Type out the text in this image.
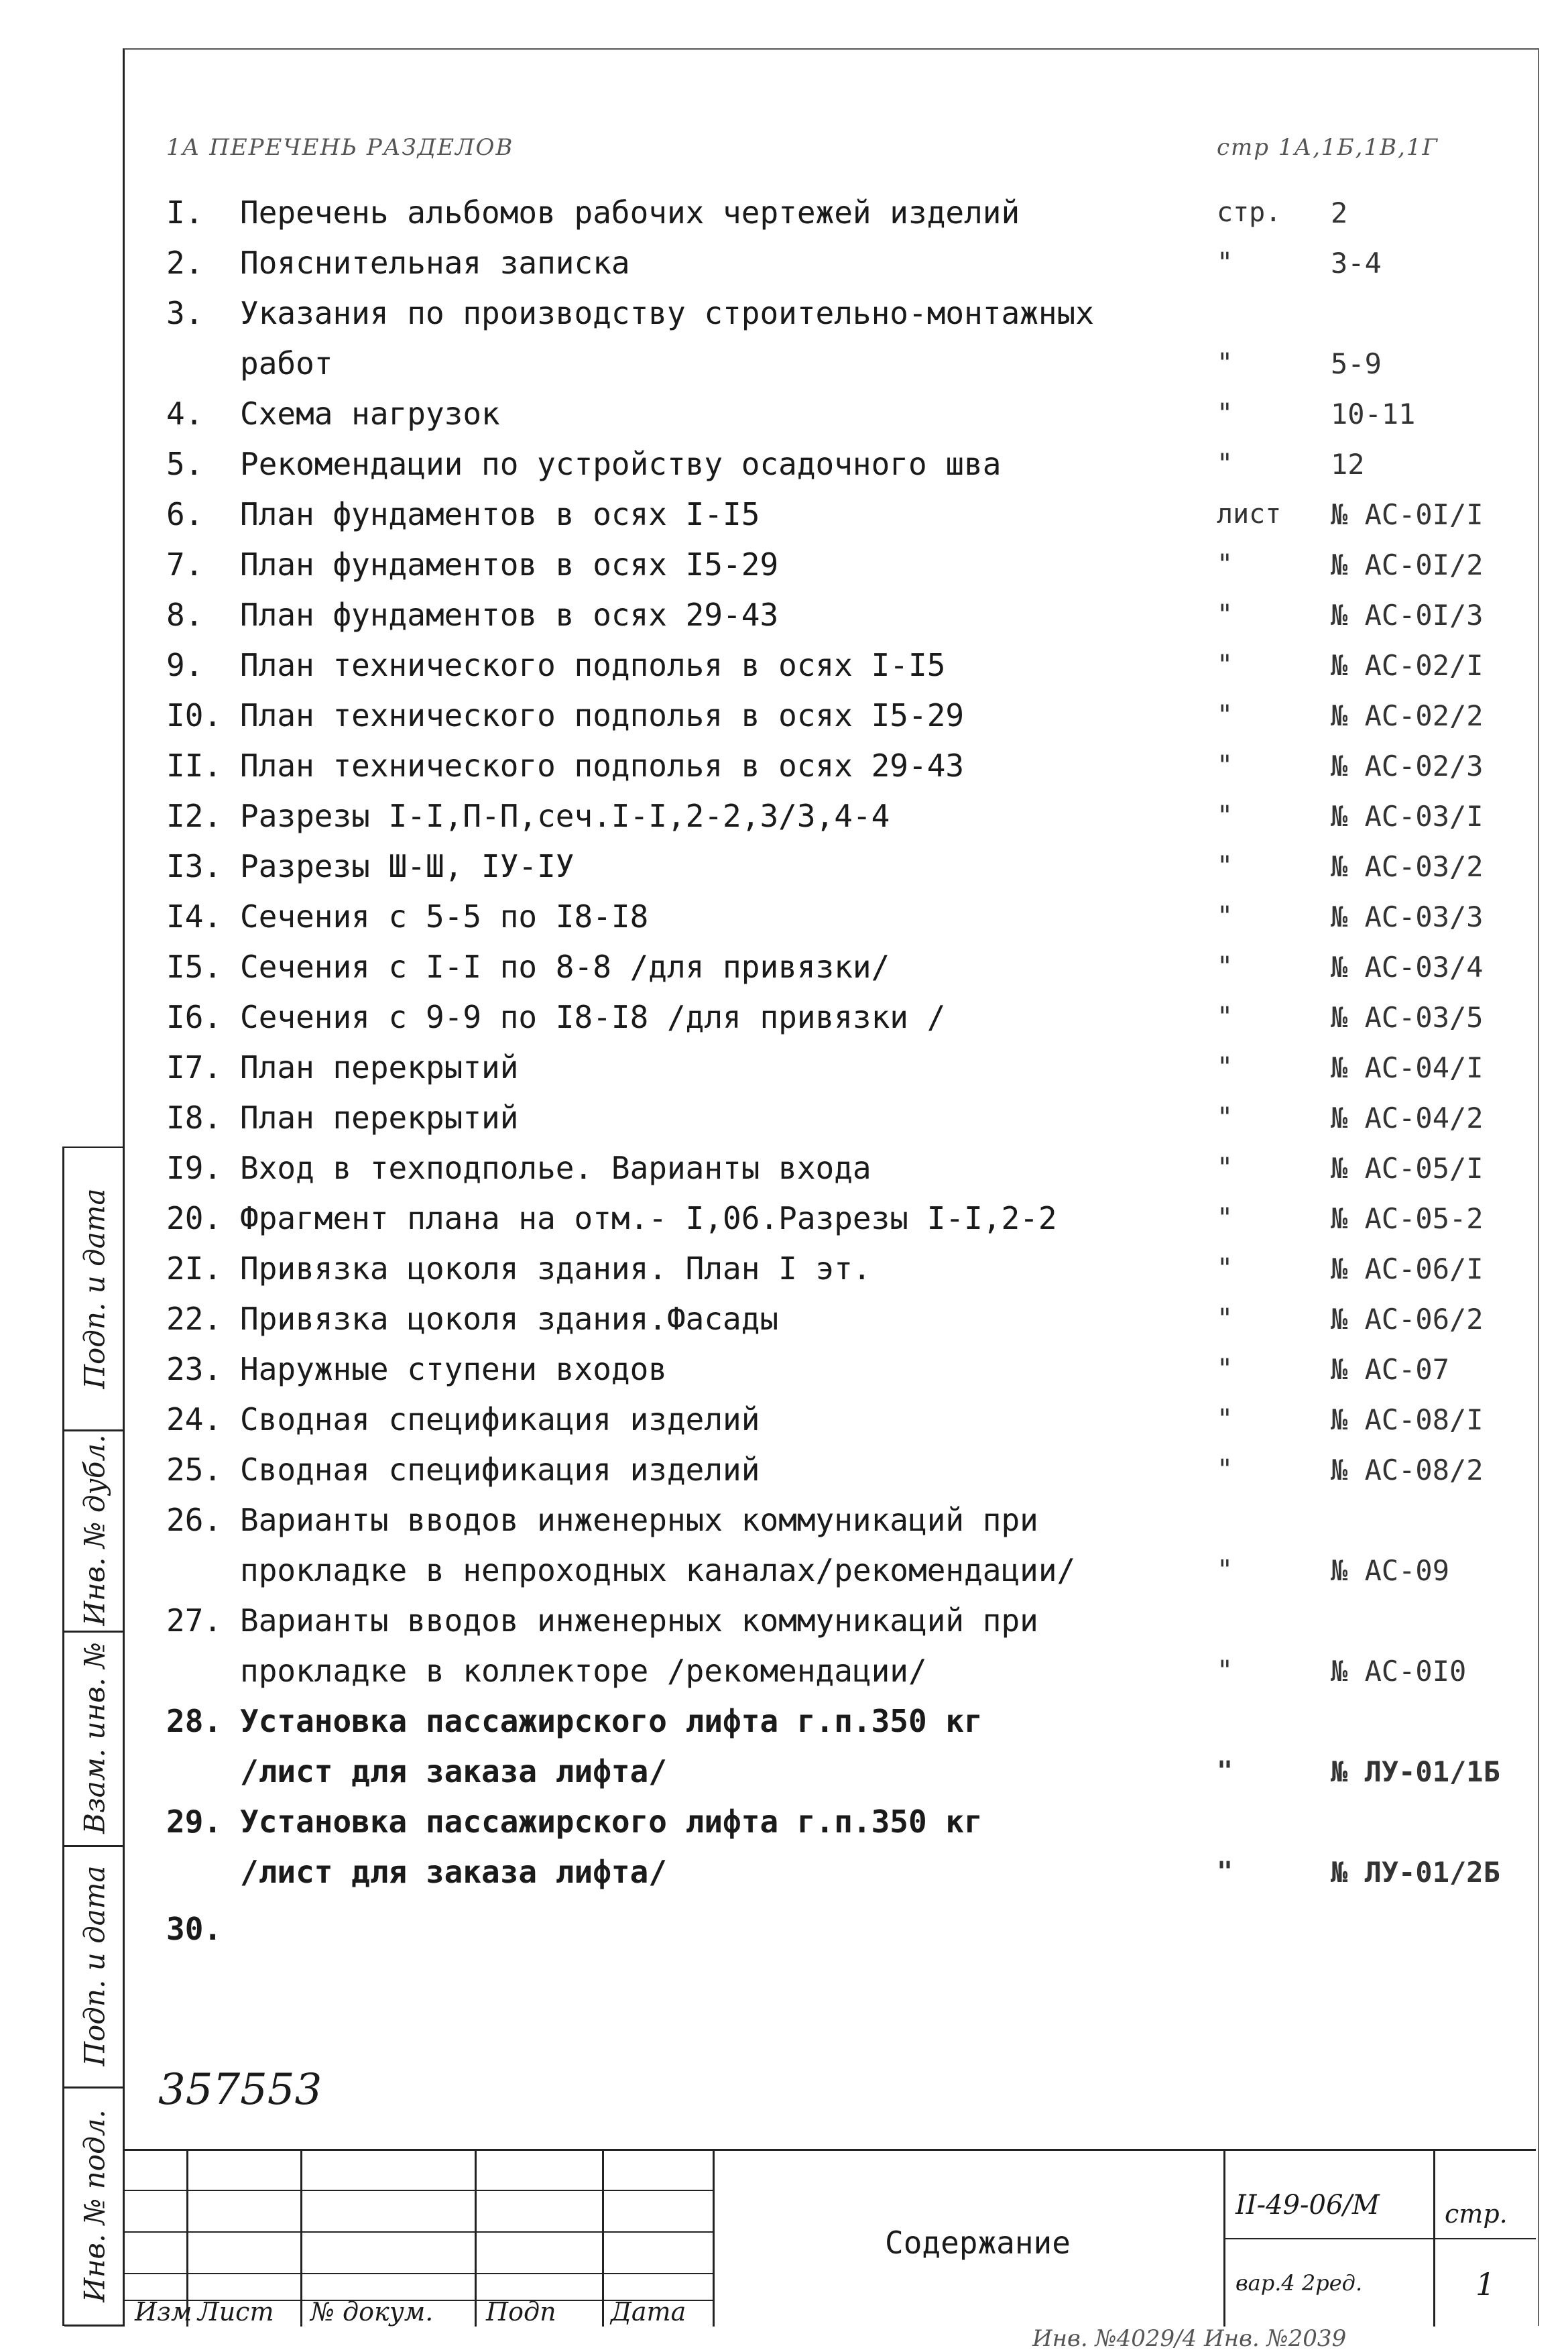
1А ПЕРЕЧЕНЬ РАЗДЕЛОВ	стр 1А,1Б,1В,1Г
I.	Перечень альбомов рабочих чертежей изделий	стр. 2
2.	Пояснительная записка	"	3-4
3.	Указания по производству строительно-монтажных
работ	"	5-9
4.	Схема нагрузок	"	10-11
5.	Рекомендации по устройству осадочного шва	"	12
6.	План фундаментов в осях I-I5	лист № АС-0I/I
7.	План фундаментов в осях I5-29	"	№ АС-0I/2
8.	План фундаментов в осях 29-43	"	№ АС-0I/3
9.	План технического подполья в осях I-I5	"	№ АС-02/I
I0. План технического подполья в осях I5-29	"	№ АС-02/2
II. План технического подполья в осях 29-43	"	№ АС-02/3
I2. Разрезы I-I,П-П,сеч.I-I,2-2,3/3,4-4	"	№ АС-03/I
I3. Разрезы Ш-Ш, IУ-IУ	"	№ АС-03/2
I4. Сечения с 5-5 по I8-I8	"	№ АС-03/3
I5. Сечения с I-I по 8-8 /для привязки/	"	№ АС-03/4
I6. Сечения с 9-9 по I8-I8 /для привязки /	"	№ АС-03/5
I7. План перекрытий	"	№ АС-04/I
I8. План перекрытий	"	№ АС-04/2
I9. Вход в техподполье. Варианты входа	"	№ АС-05/I
20. Фрагмент плана на отм.- I,06.Разрезы I-I,2-2	"	№ АС-05-2
2I. Привязка цоколя здания. План I эт.	"	№ АС-06/I
22. Привязка цоколя здания.Фасады	"	№ АС-06/2
23. Наружные ступени входов	"	№ АС-07
24. Сводная спецификация изделий	"	№ АС-08/I
25. Сводная спецификация изделий	"	№ АС-08/2
26. Варианты вводов инженерных коммуникаций при
прокладке в непроходных каналах/рекомендации/	"	№ АС-09
27. Варианты вводов инженерных коммуникаций при
прокладке в коллекторе /рекомендации/	"	№ АС-0I0
28. Установка пассажирского лифта г.п.350 кг
/лист для заказа лифта/	"	№ ЛУ-01/1Б
29. Установка пассажирского лифта г.п.350 кг
/лист для заказа лифта/	"	№ ЛУ-01/2Б
30.
Подп. и дата
Инв. № дубл.
Взам. инв. №
Подп. и дата
Инв. № подл.
357553
Изм Лист № докум. Подп Дата
II-49-06/М
вар.4 2ред.
стр.
1
Содержание
Инв. №4029/4 Инв. №2039
